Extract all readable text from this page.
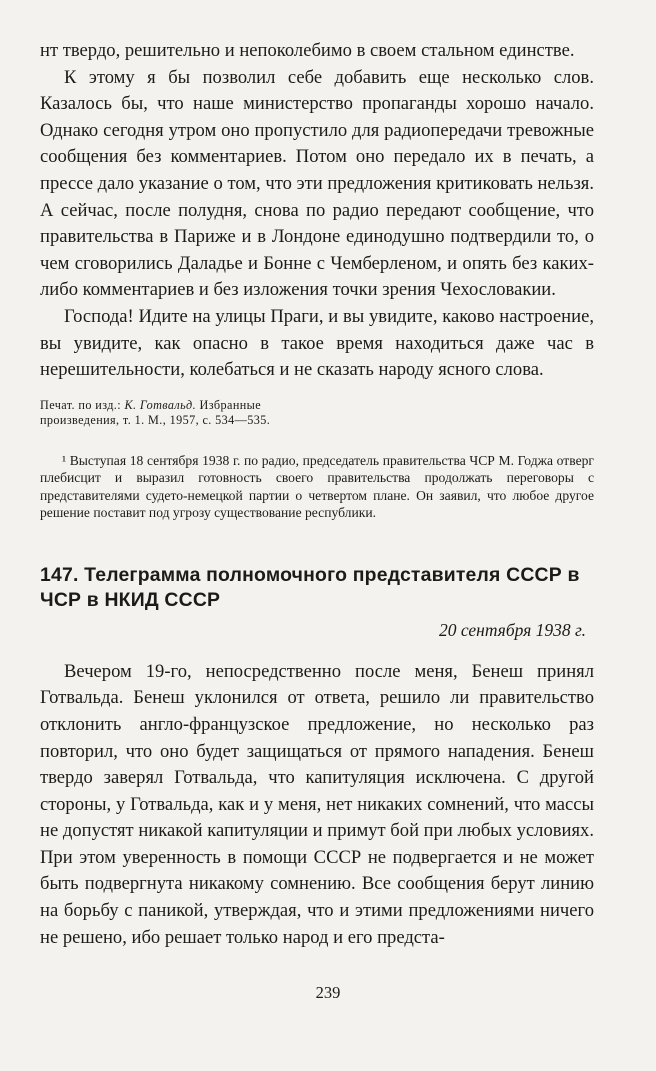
нт твердо, решительно и непоколебимо в своем стальном единстве.

К этому я бы позволил себе добавить еще несколько слов. Казалось бы, что наше министерство пропаганды хорошо начало. Однако сегодня утром оно пропустило для радиопередачи тревожные сообщения без комментариев. Потом оно передало их в печать, а прессе дало указание о том, что эти предложения критиковать нельзя. А сейчас, после полудня, снова по радио передают сообщение, что правительства в Париже и в Лондоне единодушно подтвердили то, о чем сговорились Даладье и Бонне с Чемберленом, и опять без каких-либо комментариев и без изложения точки зрения Чехословакии.

Господа! Идите на улицы Праги, и вы увидите, каково настроение, вы увидите, как опасно в такое время находиться даже час в нерешительности, колебаться и не сказать народу ясного слова.

Печат. по изд.: К. Готвальд. Избранные произведения, т. 1. М., 1957, с. 534—535.

¹ Выступая 18 сентября 1938 г. по радио, председатель правительства ЧСР М. Годжа отверг плебисцит и выразил готовность своего правительства продолжать переговоры с представителями судето-немецкой партии о четвертом плане. Он заявил, что любое другое решение поставит под угрозу существование республики.

147. Телеграмма полномочного представителя СССР в ЧСР в НКИД СССР
20 сентября 1938 г.

Вечером 19-го, непосредственно после меня, Бенеш принял Готвальда. Бенеш уклонился от ответа, решило ли правительство отклонить англо-французское предложение, но несколько раз повторил, что оно будет защищаться от прямого нападения. Бенеш твердо заверял Готвальда, что капитуляция исключена. С другой стороны, у Готвальда, как и у меня, нет никаких сомнений, что массы не допустят никакой капитуляции и примут бой при любых условиях. При этом уверенность в помощи СССР не подвергается и не может быть подвергнута никакому сомнению. Все сообщения берут линию на борьбу с паникой, утверждая, что и этими предложениями ничего не решено, ибо решает только народ и его предста-

239
